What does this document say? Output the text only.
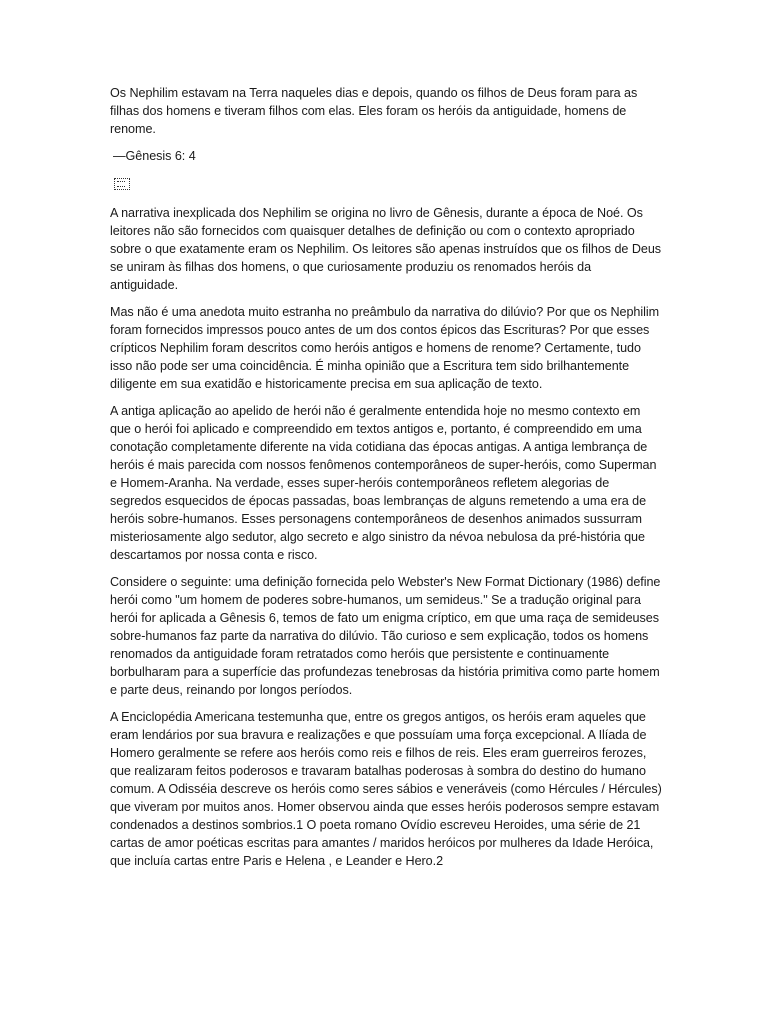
Os Nephilim estavam na Terra naqueles dias e depois, quando os filhos de Deus foram para as filhas dos homens e tiveram filhos com elas. Eles foram os heróis da antiguidade, homens de renome.

—Gênesis 6: 4

A narrativa inexplicada dos Nephilim se origina no livro de Gênesis, durante a época de Noé. Os leitores não são fornecidos com quaisquer detalhes de definição ou com o contexto apropriado sobre o que exatamente eram os Nephilim. Os leitores são apenas instruídos que os filhos de Deus se uniram às filhas dos homens, o que curiosamente produziu os renomados heróis da antiguidade.

Mas não é uma anedota muito estranha no preâmbulo da narrativa do dilúvio? Por que os Nephilim foram fornecidos impressos pouco antes de um dos contos épicos das Escrituras? Por que esses crípticos Nephilim foram descritos como heróis antigos e homens de renome? Certamente, tudo isso não pode ser uma coincidência. É minha opinião que a Escritura tem sido brilhantemente diligente em sua exatidão e historicamente precisa em sua aplicação de texto.

A antiga aplicação ao apelido de herói não é geralmente entendida hoje no mesmo contexto em que o herói foi aplicado e compreendido em textos antigos e, portanto, é compreendido em uma conotação completamente diferente na vida cotidiana das épocas antigas. A antiga lembrança de heróis é mais parecida com nossos fenômenos contemporâneos de super-heróis, como Superman e Homem-Aranha. Na verdade, esses super-heróis contemporâneos refletem alegorias de segredos esquecidos de épocas passadas, boas lembranças de alguns remetendo a uma era de heróis sobre-humanos. Esses personagens contemporâneos de desenhos animados sussurram misteriosamente algo sedutor, algo secreto e algo sinistro da névoa nebulosa da pré-história que descartamos por nossa conta e risco.

Considere o seguinte: uma definição fornecida pelo Webster's New Format Dictionary (1986) define herói como "um homem de poderes sobre-humanos, um semideus." Se a tradução original para herói for aplicada a Gênesis 6, temos de fato um enigma críptico, em que uma raça de semideuses sobre-humanos faz parte da narrativa do dilúvio. Tão curioso e sem explicação, todos os homens renomados da antiguidade foram retratados como heróis que persistente e continuamente borbulharam para a superfície das profundezas tenebrosas da história primitiva como parte homem e parte deus, reinando por longos períodos.

A Enciclopédia Americana testemunha que, entre os gregos antigos, os heróis eram aqueles que eram lendários por sua bravura e realizações e que possuíam uma força excepcional. A Ilíada de Homero geralmente se refere aos heróis como reis e filhos de reis. Eles eram guerreiros ferozes, que realizaram feitos poderosos e travaram batalhas poderosas à sombra do destino do humano comum. A Odisséia descreve os heróis como seres sábios e veneráveis (como Hércules / Hércules) que viveram por muitos anos. Homer observou ainda que esses heróis poderosos sempre estavam condenados a destinos sombrios.1 O poeta romano Ovídio escreveu Heroides, uma série de 21 cartas de amor poéticas escritas para amantes / maridos heróicos por mulheres da Idade Heróica, que incluía cartas entre Paris e Helena , e Leander e Hero.2
